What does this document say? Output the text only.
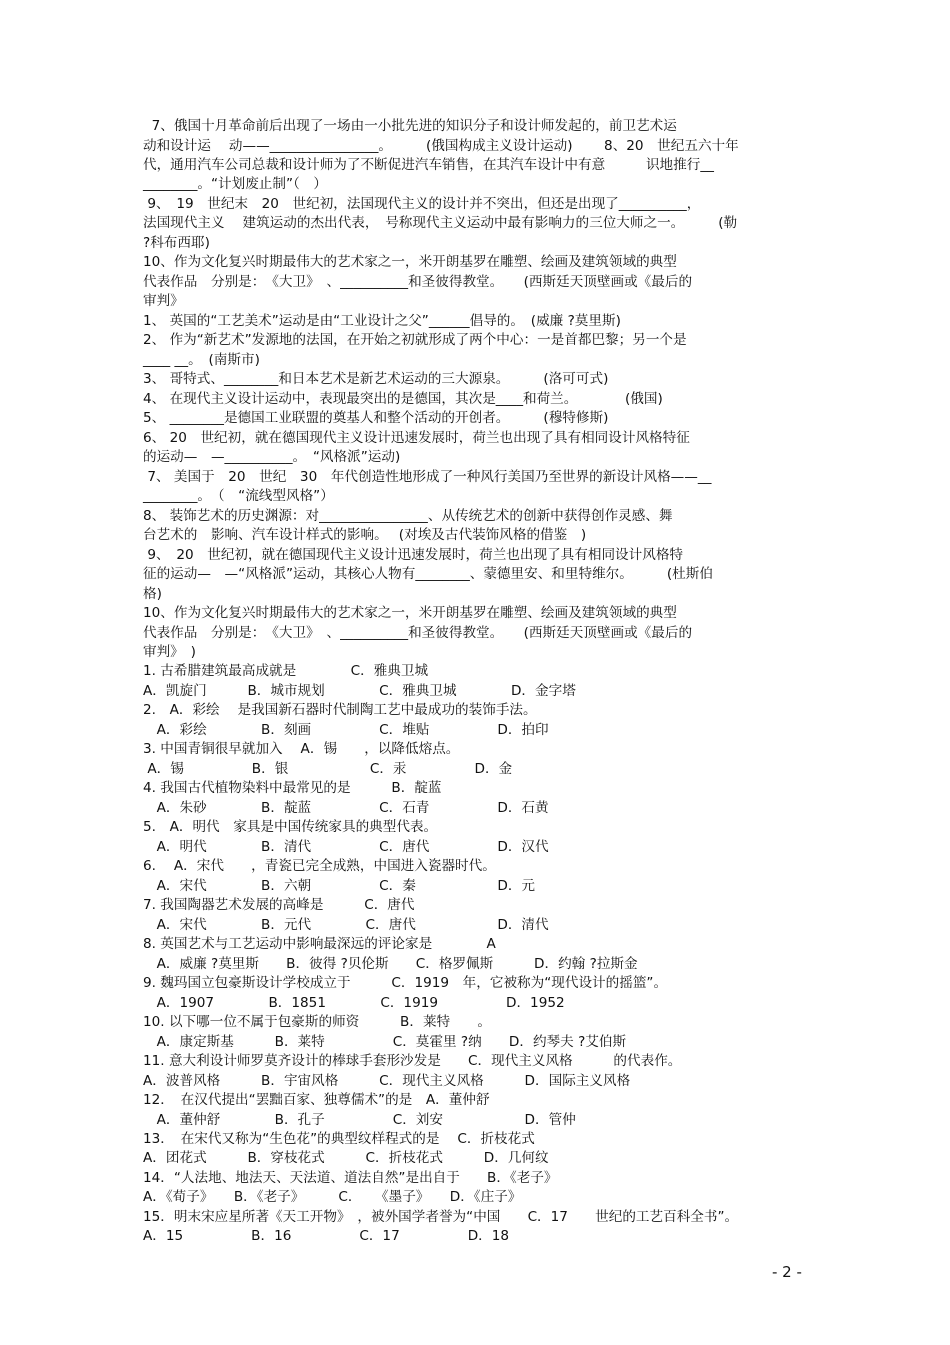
7、俄国十月革命前后出现了一场由一小批先进的知识分子和设计师发起的，前卫艺术运
动和设计运　 动——________________。　　　(俄国构成主义设计运动)　　 8、20　世纪五六十年
代，通用汽车公司总裁和设计师为了不断促进汽车销售，在其汽车设计中有意　　　识地推行__
________。“计划废止制”（　）
9、　19　世纪末　20　世纪初，法国现代主义的设计并不突出，但还是出现了__________，
法国现代主义　 建筑运动的杰出代表，　号称现代主义运动中最有影响力的三位大师之一。　　　(勒
?科布西耶)
10、作为文化复兴时期最伟大的艺术家之一，米开朗基罗在雕塑、绘画及建筑领域的典型
代表作品　分别是：　《大卫》　、__________和圣彼得教堂。　　(西斯廷天顶壁画或《最后的
审判》
1、 英国的“工艺美术”运动是由“工业设计之父”______倡导的。　(威廉 ?莫里斯)
2、 作为“新艺术”发源地的法国，在开始之初就形成了两个中心：一是首都巴黎；另一个是
____ __。　(南斯市)
3、 哥特式、________和日本艺术是新艺术运动的三大源泉。　　　(洛可可式)
4、 在现代主义设计运动中，表现最突出的是德国，其次是____和荷兰。　　　　(俄国)
5、 ________是德国工业联盟的奠基人和整个活动的开创者。　　　(穆特修斯)
6、 20　世纪初，就在德国现代主义设计迅速发展时，荷兰也出现了具有相同设计风格特征
的运动—　—__________。　“风格派”运动)
7、 美国于　20　世纪　30　年代创造性地形成了一种风行美国乃至世界的新设计风格——__
________。　（　“流线型风格”）
8、 装饰艺术的历史渊源：对________________、从传统艺术的创新中获得创作灵感、舞
台艺术的　影响、汽车设计样式的影响。　 (对埃及古代装饰风格的借鉴　)
9、　20　世纪初，就在德国现代主义设计迅速发展时，荷兰也出现了具有相同设计风格特
征的运动—　—“风格派”运动，其核心人物有________、蒙德里安、和里特维尔。　　　(杜斯伯
格)
10、作为文化复兴时期最伟大的艺术家之一，米开朗基罗在雕塑、绘画及建筑领域的典型
代表作品　分别是：　《大卫》　、__________和圣彼得教堂。　　(西斯廷天顶壁画或《最后的
审判》　)
1. 古希腊建筑最高成就是　　　　C．雅典卫城
A．凯旋门　　　B．城市规划　　　　C．雅典卫城　　　　D．金字塔
2.　A．彩绘　 是我国新石器时代制陶工艺中最成功的装饰手法。
　A．彩绘　　　　B．刻画　　　　　C．堆贴　　　　　D．拍印
3. 中国青铜很早就加入　 A．锡　　，以降低熔点。
A．锡　　　　　B．银　　　　　　C．汞　　　　　D．金
4. 我国古代植物染料中最常见的是　　　B．靛蓝
　A．朱砂　　　　B．靛蓝　　　　　C．石青　　　　　D．石黄
5.　A．明代　家具是中国传统家具的典型代表。
　A．明代　　　　B．清代　　　　　C．唐代　　　　　D．汉代
6.　 A．宋代　　，青瓷已完全成熟，中国进入瓷器时代。
　A．宋代　　　　B．六朝　　　　　C．秦　　　　　　D．元
7. 我国陶器艺术发展的高峰是　　　C．唐代
　A．宋代　　　　B．元代　　　　C．唐代　　　　　　D．清代
8. 英国艺术与工艺运动中影响最深远的评论家是　　　　A
　A．威廉 ?莫里斯　　B．彼得 ?贝伦斯　　C．格罗佩斯　　　D．约翰 ?拉斯金
9. 魏玛国立包豪斯设计学校成立于　　　C．1919　年，它被称为“现代设计的摇篮”。
　A．1907　　　　B．1851　　　　C．1919　　　　　D．1952
10. 以下哪一位不属于包豪斯的师资　　　B．莱特　　。
　A．康定斯基　　　B．莱特　　　　　C．莫霍里 ?纳　　D．约琴夫 ?艾伯斯
11. 意大利设计师罗莫齐设计的棒球手套形沙发是　　C．现代主义风格　　　的代表作。
A．波普风格　　　B．宇宙风格　　　C．现代主义风格　　　D．国际主义风格
12．　在汉代提出“罢黜百家、独尊儒术”的是　A．董仲舒
　A．董仲舒　　　　B．孔子　　　　　C．刘安　　　　　　D．管仲
13．　在宋代又称为“生色花”的典型纹样程式的是　 C．折枝花式
A．团花式　　　B．穿枝花式　　　C．折枝花式　　　D．几何纹
14．“人法地、地法天、天法道、道法自然”是出自于　　B．《老子》
A．《荀子》　　B．《老子》　　　C．　　《墨子》　　D．《庄子》
15．明末宋应星所著《天工开物》　，被外国学者誉为“中国　　C．17　　世纪的工艺百科全书”。
A．15　　　　　B．16　　　　　C．17　　　　　D．18
- 2 -
